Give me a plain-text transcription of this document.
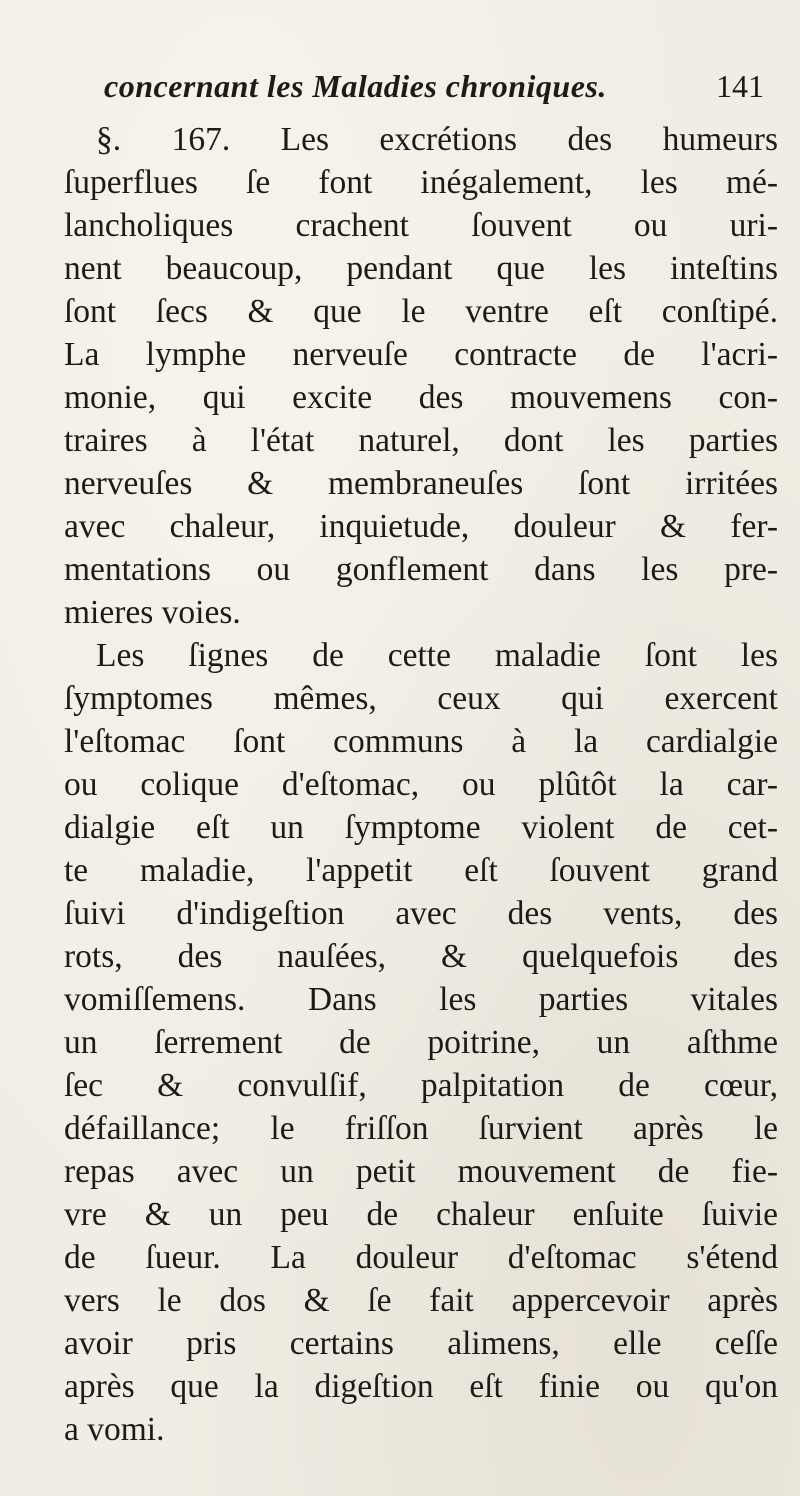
concernant les Maladies chroniques.	141
§. 167. Les excrétions des humeurs
ſuperflues ſe font inégalement, les mé-
lancholiques crachent ſouvent ou uri-
nent beaucoup, pendant que les inteſtins
ſont ſecs & que le ventre eſt conſtipé.
La lymphe nerveuſe contracte de l'acri-
monie, qui excite des mouvemens con-
traires à l'état naturel, dont les parties
nerveuſes & membraneuſes ſont irritées
avec chaleur, inquietude, douleur & fer-
mentations ou gonflement dans les pre-
mieres voies.
Les ſignes de cette maladie ſont les
ſymptomes mêmes, ceux qui exercent
l'eſtomac ſont communs à la cardialgie
ou colique d'eſtomac, ou plûtôt la car-
dialgie eſt un ſymptome violent de cet-
te maladie, l'appetit eſt ſouvent grand
ſuivi d'indigeſtion avec des vents, des
rots, des nauſées, & quelquefois des
vomiſſemens. Dans les parties vitales
un ſerrement de poitrine, un aſthme
ſec & convulſif, palpitation de cœur,
défaillance; le friſſon ſurvient après le
repas avec un petit mouvement de fie-
vre & un peu de chaleur enſuite ſuivie
de ſueur. La douleur d'eſtomac s'étend
vers le dos & ſe fait appercevoir après
avoir pris certains alimens, elle ceſſe
après que la digeſtion eſt finie ou qu'on
a vomi.
